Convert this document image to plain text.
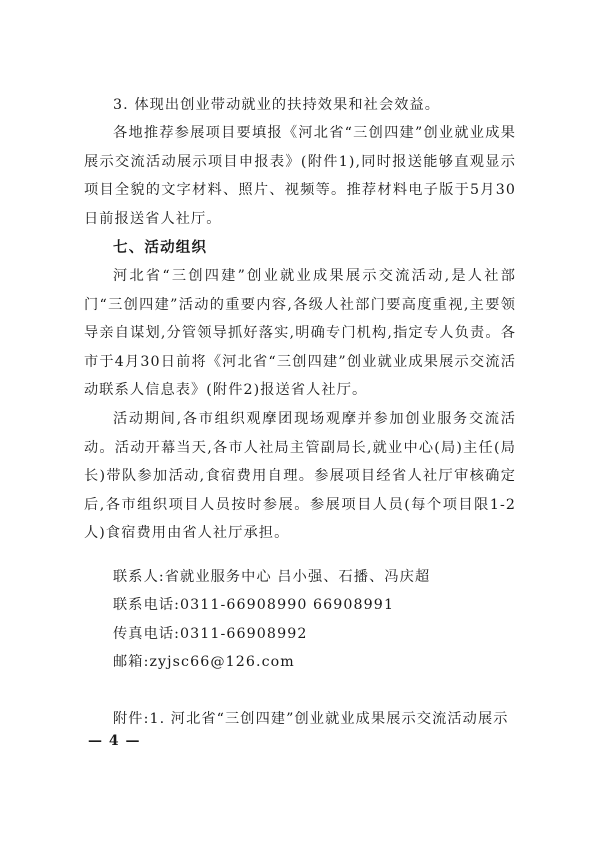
3. 体现出创业带动就业的扶持效果和社会效益。

各地推荐参展项目要填报《河北省“三创四建”创业就业成果展示交流活动展示项目申报表》(附件1),同时报送能够直观显示项目全貌的文字材料、照片、视频等。推荐材料电子版于5月30日前报送省人社厅。

七、活动组织

河北省“三创四建”创业就业成果展示交流活动,是人社部门“三创四建”活动的重要内容,各级人社部门要高度重视,主要领导亲自谋划,分管领导抓好落实,明确专门机构,指定专人负责。各市于4月30日前将《河北省“三创四建”创业就业成果展示交流活动联系人信息表》(附件2)报送省人社厅。

活动期间,各市组织观摩团现场观摩并参加创业服务交流活动。活动开幕当天,各市人社局主管副局长,就业中心(局)主任(局长)带队参加活动,食宿费用自理。参展项目经省人社厅审核确定后,各市组织项目人员按时参展。参展项目人员(每个项目限1-2人)食宿费用由省人社厅承担。

联系人:省就业服务中心 吕小强、石播、冯庆超

联系电话:0311-66908990 66908991

传真电话:0311-66908992

邮箱:zyjsc66@126.com

附件:1. 河北省“三创四建”创业就业成果展示交流活动展示

— 4 —
